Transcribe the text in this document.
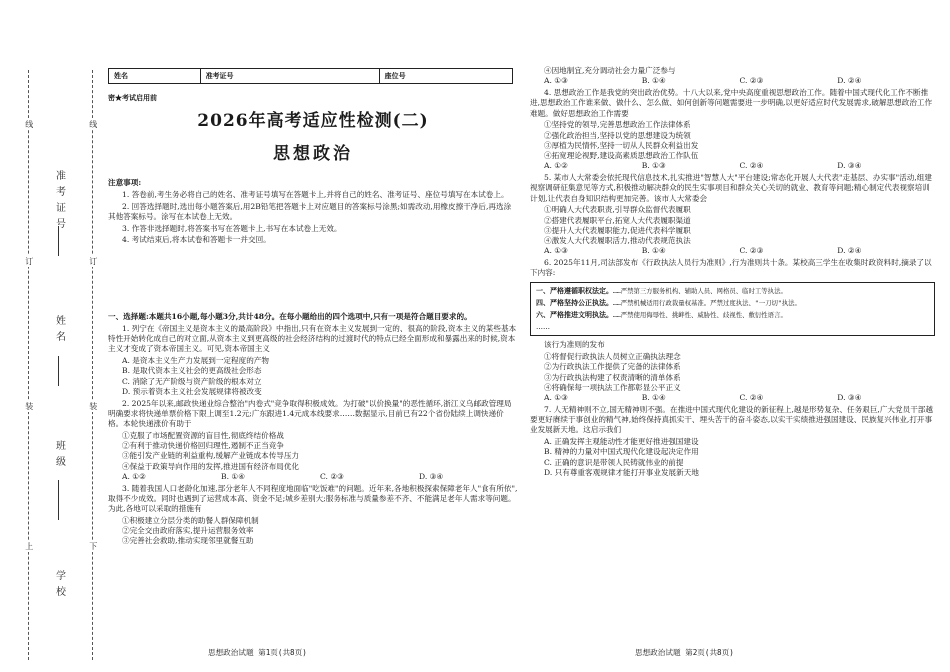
线	线
订	订
装	装
上	下
准考证号
姓名
班级
学校
姓名	准考证号	座位号
密★考试启用前
2026年高考适应性检测(二)
思想政治
注意事项:
1. 答卷前,考生务必将自己的姓名、准考证号填写在答题卡上,并将自己的姓名、准考证号、座位号填写在本试卷上。
2. 回答选择题时,选出每小题答案后,用2B铅笔把答题卡上对应题目的答案标号涂黑;如需改动,用橡皮擦干净后,再选涂其他答案标号。涂写在本试卷上无效。
3. 作答非选择题时,将答案书写在答题卡上,书写在本试卷上无效。
4. 考试结束后,将本试卷和答题卡一并交回。
一、选择题:本题共16小题,每小题3分,共计48分。在每小题给出的四个选项中,只有一项是符合题目要求的。
1. 列宁在《帝国主义是资本主义的最高阶段》中指出,只有在资本主义发展到一定的、很高的阶段,资本主义的某些基本特性开始转化成自己的对立面,从资本主义到更高级的社会经济结构的过渡时代的特点已经全面形成和暴露出来的时候,资本主义才变成了资本帝国主义。可见,资本帝国主义
A. 是资本主义生产力发展到一定程度的产物
B. 是取代资本主义社会的更高级社会形态
C. 消除了无产阶级与资产阶级的根本对立
D. 预示着资本主义社会发展规律将被改变
2. 2025年以来,邮政快递业综合整治"内卷式"竞争取得积极成效。为打破"以价换量"的恶性循环,浙江义乌邮政管理局明确要求将快递单票价格下限上调至1.2元;广东跟进1.4元成本线要求……数据显示,目前已有22个省份陆续上调快递价格。本轮快递涨价有助于
①克服了市场配置资源的盲目性,彻底终结价格战
②有利于推动快递价格回归理性,遏制不正当竞争
③能引发产业链的利益重构,缓解产业链成本传导压力
④保益于政策导向作用的发挥,推进国有经济布局优化
A. ①②	B. ①④	C. ②③	D. ③④
3. 随着我国人口老龄化加速,部分老年人不同程度地面临"吃饭难"的问题。近年来,各地积极探索保障老年人"食有所依",取得不少成效。同时也遇到了运营成本高、资金不足;城乡差别大;服务标准与质量参差不齐、不能满足老年人需求等问题。为此,各地可以采取的措施有
①积极建立分层分类的助餐人群保障机制
②完全交由政府落实,提升运营服务效率
③完善社会救助,推动实现邻里就餐互助
思想政治试题 第1页(共8页)
④因地制宜,充分调动社会力量广泛参与
A. ①③	B. ①④	C. ②③	D. ②④
4. 思想政治工作是我党的突出政治优势。十八大以来,党中央高度重视思想政治工作。随着中国式现代化工作不断推进,思想政治工作谁来做、做什么、怎么做、如何创新等问题需要进一步明确,以更好适应时代发展需求,破解思想政治工作难题。做好思想政治工作需要
①坚持党的领导,完善思想政治工作法律体系
②强化政治担当,坚持以党的思想建设为统领
③厚植为民情怀,坚持一切从人民群众利益出发
④拓宽理论视野,建设高素质思想政治工作队伍
A. ①②	B. ①③	C. ②④	D. ③④
5. 某市人大常委会依托现代信息技术,扎实推进"智慧人大"平台建设;常态化开展人大代表"走基层、办实事"活动,组建视察调研征集意见等方式,积极推动解决群众的民生实事项目和群众关心关切的就业、教育等问题;精心制定代表视察培训计划,让代表自身知识结构更加完善。该市人大常委会
①明确人大代表职责,引导群众监督代表履职
②搭建代表履职平台,拓宽人大代表履职渠道
③提升人大代表履职能力,促进代表科学履职
④激发人大代表履职活力,推动代表规范执法
A. ①③	B. ①④	C. ②③	D. ②④
6. 2025年11月,司法部发布《行政执法人员行为准则》,行为准则共十条。某校高三学生在收集时政资料时,摘录了以下内容:
一、严格遵循职权法定。……严禁第三方服务机构、辅助人员、网格员、临时工等执法。
四、严格坚持公正执法。……严禁机械适用行政裁量权基准。严禁过度执法、"一刀切"执法。
六、严格推进文明执法。……严禁使用侮辱性、挑衅性、威胁性、歧视性、敷衍性语言。
……
该行为准则的发布
①将督促行政执法人员树立正确执法理念
②为行政执法工作提供了完备的法律体系
③为行政执法构建了权责清晰的清单体系
④将确保每一项执法工作都彰显公平正义
A. ①③	B. ①④	C. ②④	D. ③④
7. 人无精神则不立,国无精神则不强。在推进中国式现代化建设的新征程上,越是形势复杂、任务艰巨,广大党员干部越要更好赓续于事创业的精气神,始终保持真抓实干、埋头苦干的奋斗姿态,以实干实绩推进强国建设、民族复兴伟业,打开事业发展新天地。这启示我们
A. 正确发挥主观能动性才能更好推进强国建设
B. 精神的力量对中国式现代化建设起决定作用
C. 正确的意识是带领人民铸就伟业的前提
D. 只有尊重客观规律才能打开事业发展新天地
思想政治试题 第2页(共8页)
